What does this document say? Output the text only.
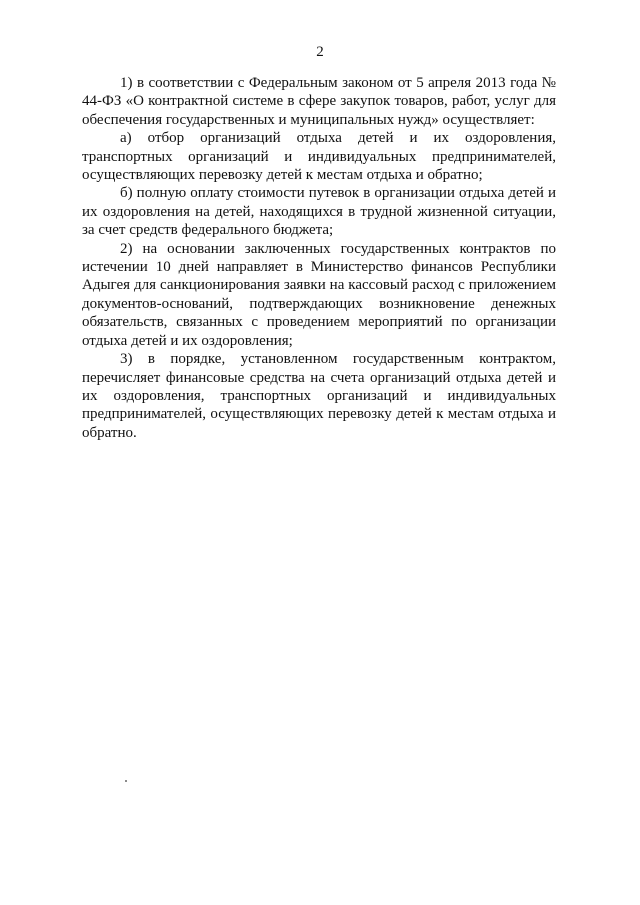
2

1) в соответствии с Федеральным законом от 5 апреля 2013 года № 44-ФЗ «О контрактной системе в сфере закупок товаров, работ, услуг для обеспечения государственных и муниципальных нужд» осуществляет:

а) отбор организаций отдыха детей и их оздоровления, транспортных организаций и индивидуальных предпринимателей, осуществляющих перевозку детей к местам отдыха и обратно;

б) полную оплату стоимости путевок в организации отдыха детей и их оздоровления на детей, находящихся в трудной жизненной ситуации, за счет средств федерального бюджета;

2) на основании заключенных государственных контрактов по истечении 10 дней направляет в Министерство финансов Республики Адыгея для санкционирования заявки на кассовый расход с приложением документов-оснований, подтверждающих возникновение денежных обязательств, связанных с проведением мероприятий по организации отдыха детей и их оздоровления;

3) в порядке, установленном государственным контрактом, перечисляет финансовые средства на счета организаций отдыха детей и их оздоровления, транспортных организаций и индивидуальных предпринимателей, осуществляющих перевозку детей к местам отдыха и обратно.
